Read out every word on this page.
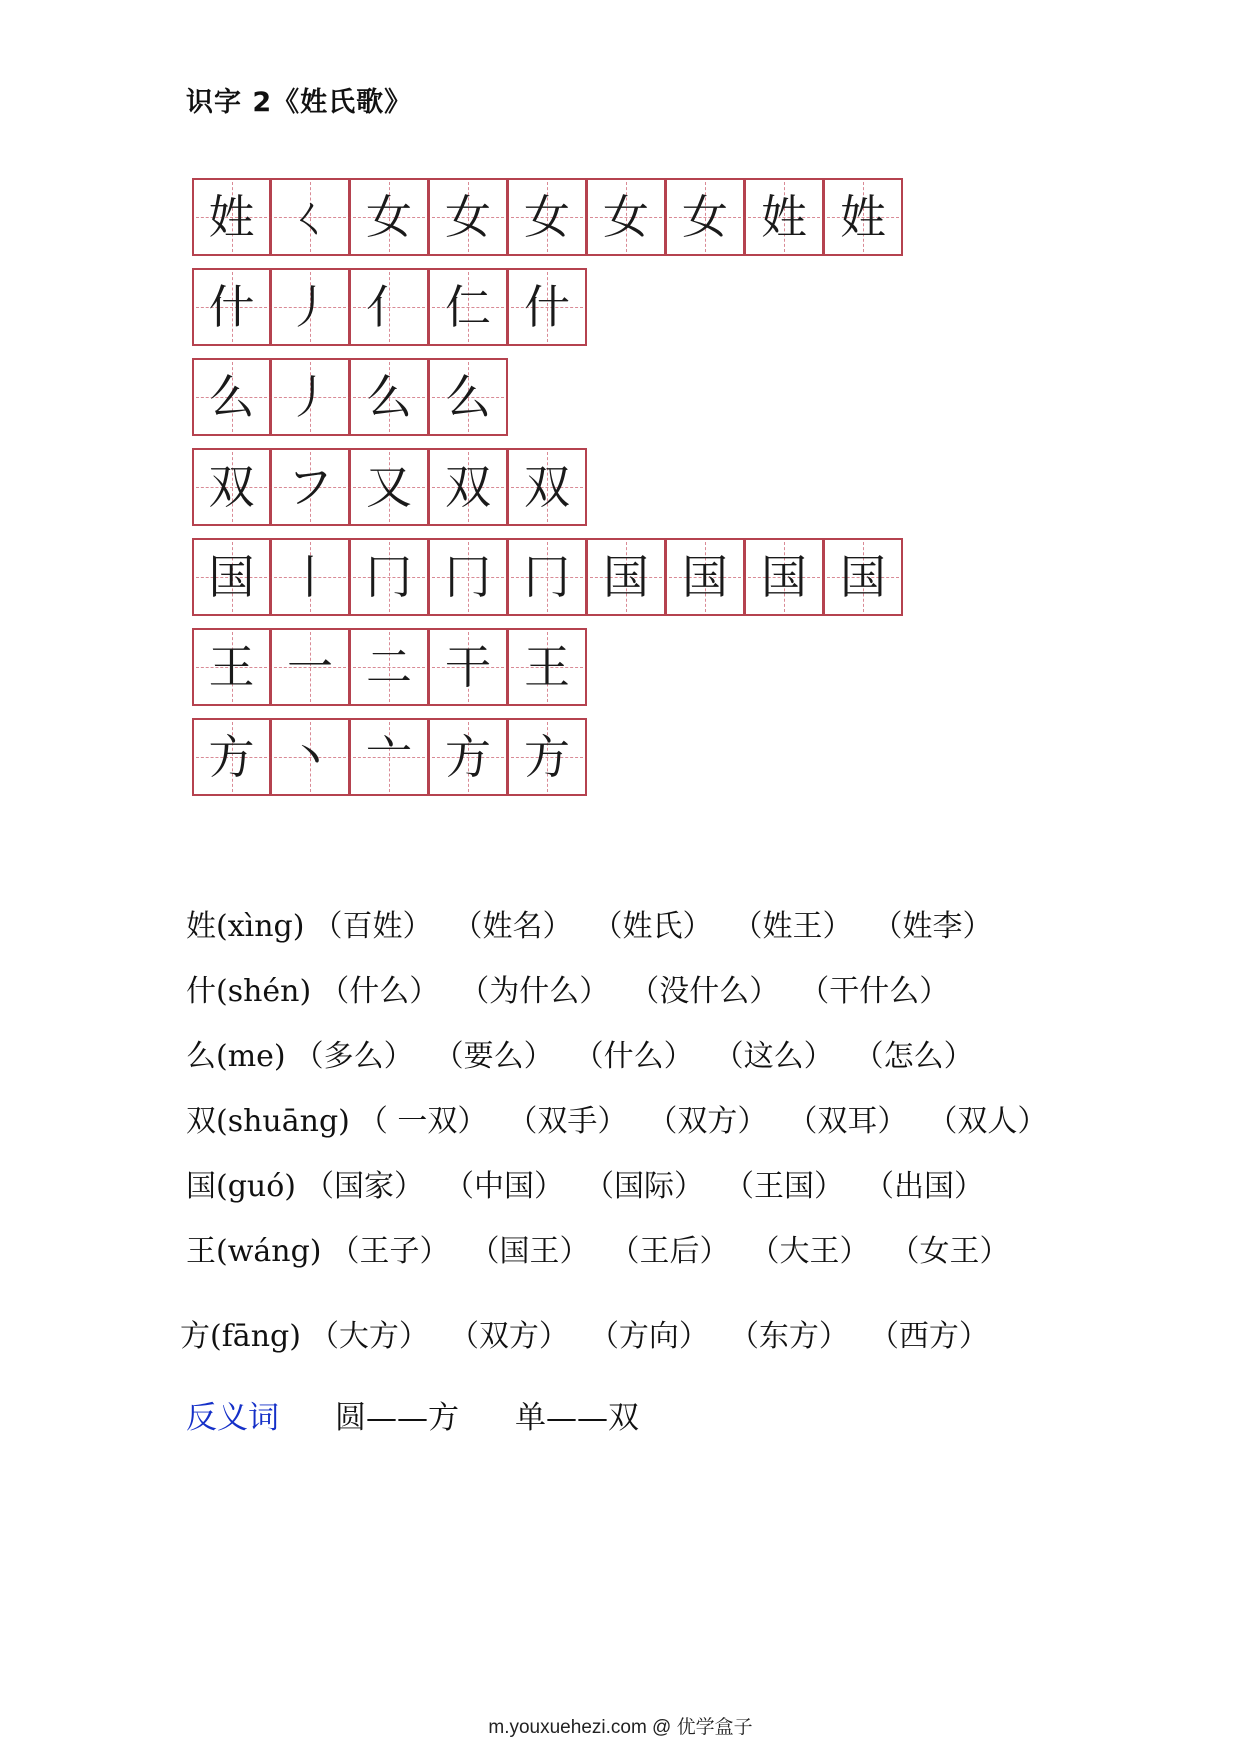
识字 2《姓氏歌》
姓 ㄑ 女 女 女 女 女 姓 姓
什 丿 亻 仁 什
么 丿 么 么
双 フ 又 双 双
国 丨 冂 冂 冂 国 国 国 国
王 一 二 干 王
方 丶 亠 方 方
姓(xìng) （百姓） （姓名） （姓氏） （姓王） （姓李）
什(shén) （什么） （为什么） （没什么） （干什么）
么(me) （多么） （要么） （什么） （这么） （怎么）
双(shuāng) （ 一双） （双手） （双方） （双耳） （双人）
国(guó) （国家） （中国） （国际） （王国） （出国）
王(wáng) （王子） （国王） （王后） （大王） （女王）
方(fāng) （大方） （双方） （方向） （东方） （西方）
反义词 圆——方 单——双
m.youxuehezi.com @ 优学盒子
